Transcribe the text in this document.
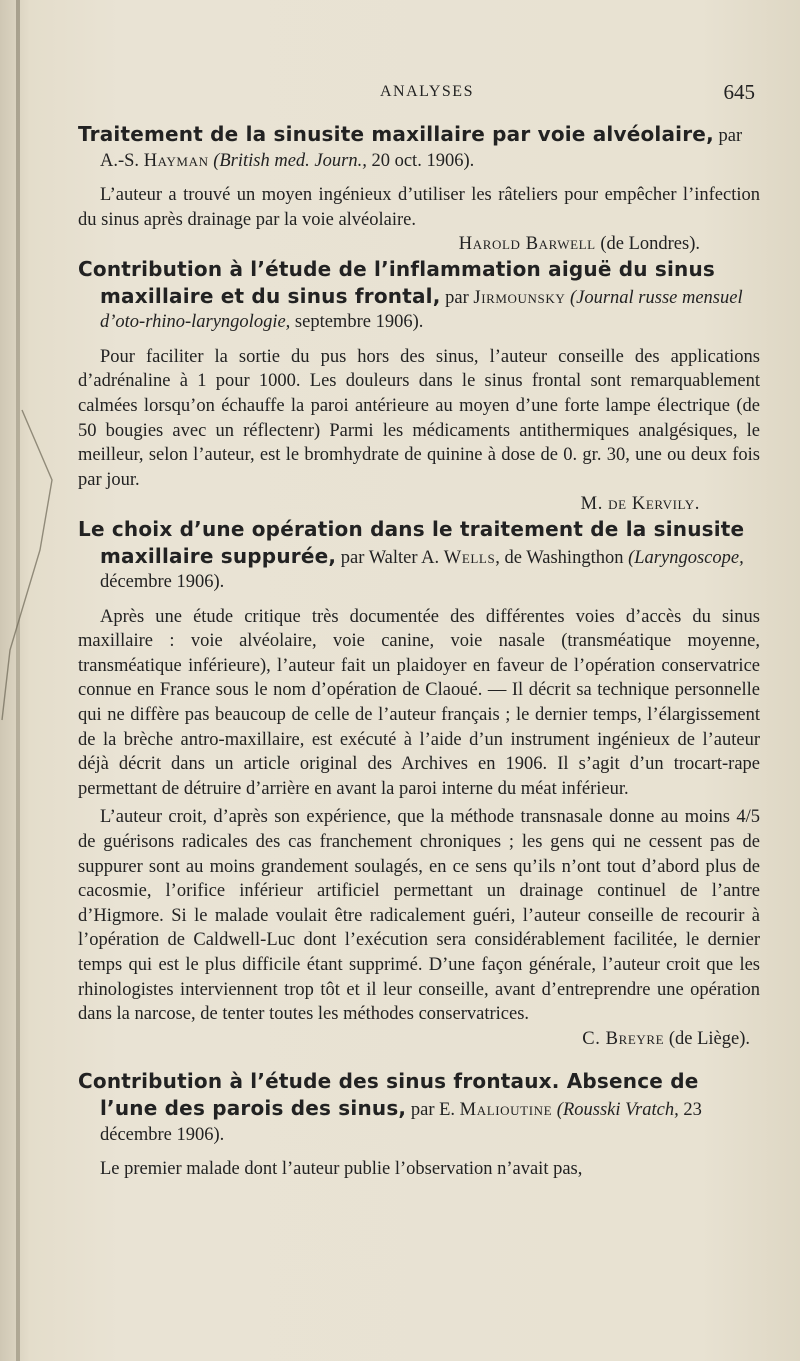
ANALYSES	645

Traitement de la sinusite maxillaire par voie alvéolaire, par A.-S. Hayman (British med. Journ., 20 oct. 1906).

L’auteur a trouvé un moyen ingénieux d’utiliser les râteliers pour empêcher l’infection du sinus après drainage par la voie alvéolaire.

Harold Barwell (de Londres).

Contribution à l’étude de l’inflammation aiguë du sinus maxillaire et du sinus frontal, par Jirmounsky (Journal russe mensuel d’oto-rhino-laryngologie, septembre 1906).

Pour faciliter la sortie du pus hors des sinus, l’auteur conseille des applications d’adrénaline à 1 pour 1000. Les douleurs dans le sinus frontal sont remarquablement calmées lorsqu’on échauffe la paroi antérieure au moyen d’une forte lampe électrique (de 50 bougies avec un réflectenr) Parmi les médicaments antithermiques analgésiques, le meilleur, selon l’auteur, est le bromhydrate de quinine à dose de 0. gr. 30, une ou deux fois par jour.

M. de Kervily.

Le choix d’une opération dans le traitement de la sinusite maxillaire suppurée, par Walter A. Wells, de Washingthon (Laryngoscope, décembre 1906).

Après une étude critique très documentée des différentes voies d’accès du sinus maxillaire : voie alvéolaire, voie canine, voie nasale (transméatique moyenne, transméatique inférieure), l’auteur fait un plaidoyer en faveur de l’opération conservatrice connue en France sous le nom d’opération de Claoué. — Il décrit sa technique personnelle qui ne diffère pas beaucoup de celle de l’auteur français ; le dernier temps, l’élargissement de la brèche antro-maxillaire, est exécuté à l’aide d’un instrument ingénieux de l’auteur déjà décrit dans un article original des Archives en 1906. Il s’agit d’un trocart-rape permettant de détruire d’arrière en avant la paroi interne du méat inférieur.

L’auteur croit, d’après son expérience, que la méthode transnasale donne au moins 4/5 de guérisons radicales des cas franchement chroniques ; les gens qui ne cessent pas de suppurer sont au moins grandement soulagés, en ce sens qu’ils n’ont tout d’abord plus de cacosmie, l’orifice inférieur artificiel permettant un drainage continuel de l’antre d’Higmore. Si le malade voulait être radicalement guéri, l’auteur conseille de recourir à l’opération de Caldwell-Luc dont l’exécution sera considérablement facilitée, le dernier temps qui est le plus difficile étant supprimé. D’une façon générale, l’auteur croit que les rhinologistes interviennent trop tôt et il leur conseille, avant d’entreprendre une opération dans la narcose, de tenter toutes les méthodes conservatrices.

C. Breyre (de Liège).

Contribution à l’étude des sinus frontaux. Absence de l’une des parois des sinus, par E. Malioutine (Rousski Vratch, 23 décembre 1906).

Le premier malade dont l’auteur publie l’observation n’avait pas,
